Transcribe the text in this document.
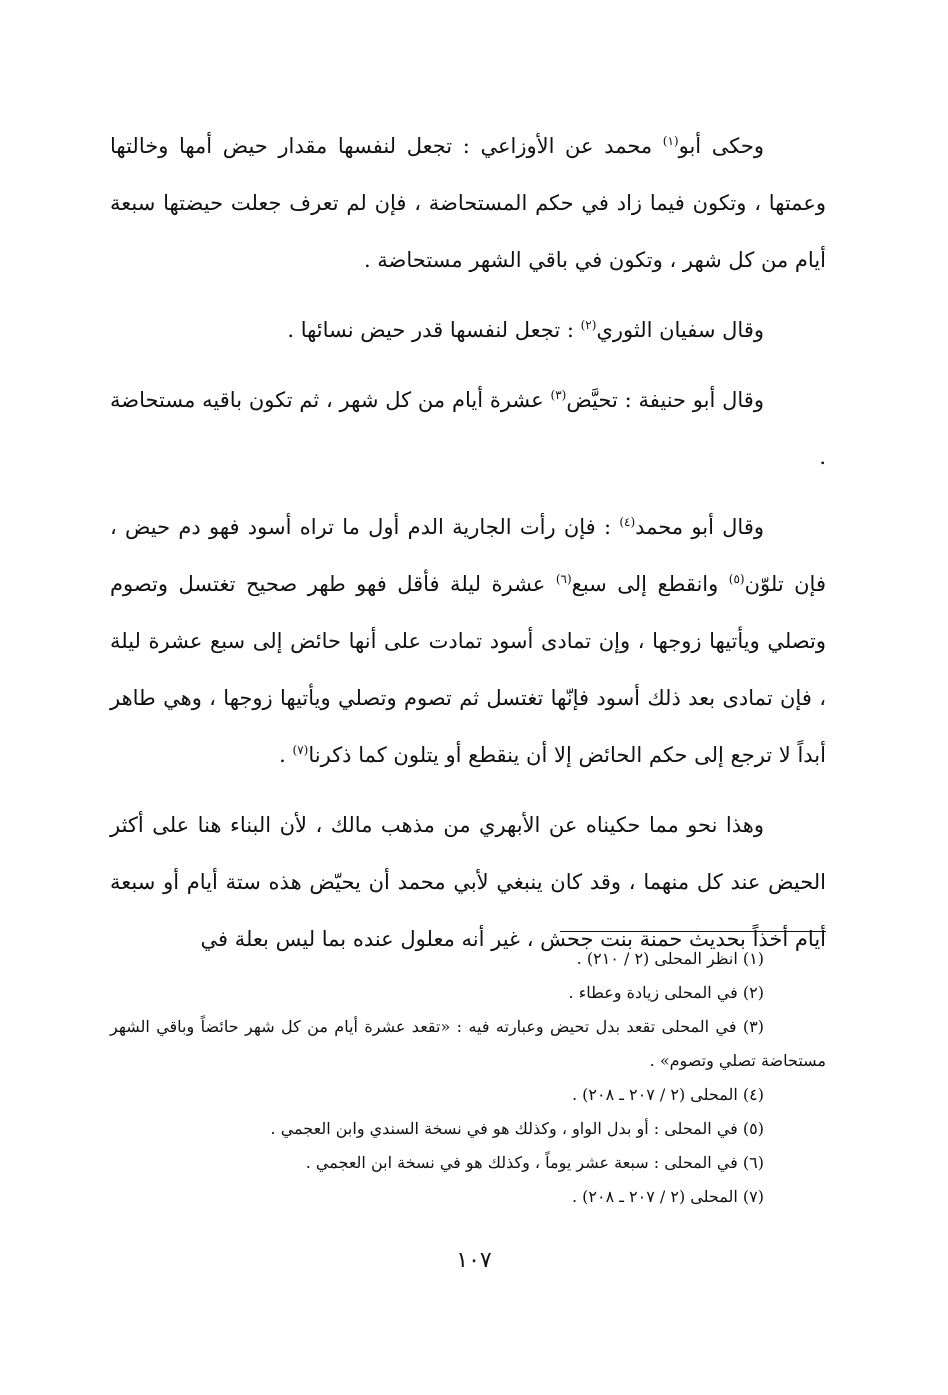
وحكى أبو$^{(١)}$ محمد عن الأوزاعي : تجعل لنفسها مقدار حيض أمها وخالتها وعمتها ، وتكون فيما زاد في حكم المستحاضة ، فإن لم تعرف جعلت حيضتها سبعة أيام من كل شهر ، وتكون في باقي الشهر مستحاضة .

وقال سفيان الثوري$^{(٢)}$ : تجعل لنفسها قدر حيض نسائها .

وقال أبو حنيفة : تحيَّض$^{(٣)}$ عشرة أيام من كل شهر ، ثم تكون باقيه مستحاضة .

وقال أبو محمد$^{(٤)}$ : فإن رأت الجارية الدم أول ما تراه أسود فهو دم حيض ، فإن تلوّن$^{(٥)}$ وانقطع إلى سبع$^{(٦)}$ عشرة ليلة فأقل فهو طهر صحيح تغتسل وتصوم وتصلي ويأتيها زوجها ، وإن تمادى أسود تمادت على أنها حائض إلى سبع عشرة ليلة ، فإن تمادى بعد ذلك أسود فإنّها تغتسل ثم تصوم وتصلي ويأتيها زوجها ، وهي طاهر أبداً لا ترجع إلى حكم الحائض إلا أن ينقطع أو يتلون كما ذكرنا$^{(٧)}$ .

وهذا نحو مما حكيناه عن الأبهري من مذهب مالك ، لأن البناء هنا على أكثر الحيض عند كل منهما ، وقد كان ينبغي لأبي محمد أن يحيّض هذه ستة أيام أو سبعة أيام أخذاً بحديث حمنة بنت جحش ، غير أنه معلول عنده بما ليس بعلة في

(١) انظر المحلى (٢ / ٢١٠) .

(٢) في المحلى زيادة وعطاء .

(٣) في المحلى تقعد بدل تحيض وعبارته فيه : «تقعد عشرة أيام من كل شهر حائضاً وباقي الشهر مستحاضة تصلي وتصوم» .

(٤) المحلى (٢ / ٢٠٧ ـ ٢٠٨) .

(٥) في المحلى : أو بدل الواو ، وكذلك هو في نسخة السندي وابن العجمي .

(٦) في المحلى : سبعة عشر يوماً ، وكذلك هو في نسخة ابن العجمي .

(٧) المحلى (٢ / ٢٠٧ ـ ٢٠٨) .

١٠٧
